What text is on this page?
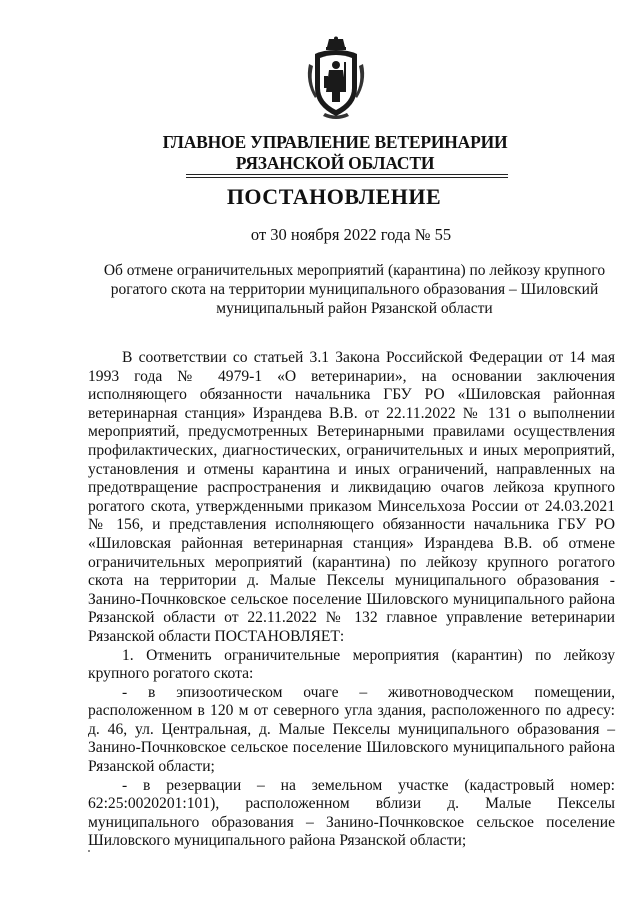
ГЛАВНОЕ УПРАВЛЕНИЕ ВЕТЕРИНАРИИ
РЯЗАНСКОЙ ОБЛАСТИ
ПОСТАНОВЛЕНИЕ
от 30 ноября 2022 года № 55
Об отмене ограничительных мероприятий (карантина) по лейкозу крупного рогатого скота на территории муниципального образования – Шиловский муниципальный район Рязанской области

В соответствии со статьей 3.1 Закона Российской Федерации от 14 мая 1993 года № 4979-1 «О ветеринарии», на основании заключения исполняющего обязанности начальника ГБУ РО «Шиловская районная ветеринарная станция» Израндева В.В. от 22.11.2022 № 131 о выполнении мероприятий, предусмотренных Ветеринарными правилами осуществления профилактических, диагностических, ограничительных и иных мероприятий, установления и отмены карантина и иных ограничений, направленных на предотвращение распространения и ликвидацию очагов лейкоза крупного рогатого скота, утвержденными приказом Минсельхоза России от 24.03.2021 № 156, и представления исполняющего обязанности начальника ГБУ РО «Шиловская районная ветеринарная станция» Израндева В.В. об отмене ограничительных мероприятий (карантина) по лейкозу крупного рогатого скота на территории д. Малые Пекселы муниципального образования - Занино-Почнковское сельское поселение Шиловского муниципального района Рязанской области от 22.11.2022 № 132 главное управление ветеринарии Рязанской области ПОСТАНОВЛЯЕТ:

1. Отменить ограничительные мероприятия (карантин) по лейкозу крупного рогатого скота:

- в эпизоотическом очаге – животноводческом помещении, расположенном в 120 м от северного угла здания, расположенного по адресу: д. 46, ул. Центральная, д. Малые Пекселы муниципального образования – Занино-Почнковское сельское поселение Шиловского муниципального района Рязанской области;

- в резервации – на земельном участке (кадастровый номер: 62:25:0020201:101), расположенном вблизи д. Малые Пекселы муниципального образования – Занино-Почнковское сельское поселение Шиловского муниципального района Рязанской области;
